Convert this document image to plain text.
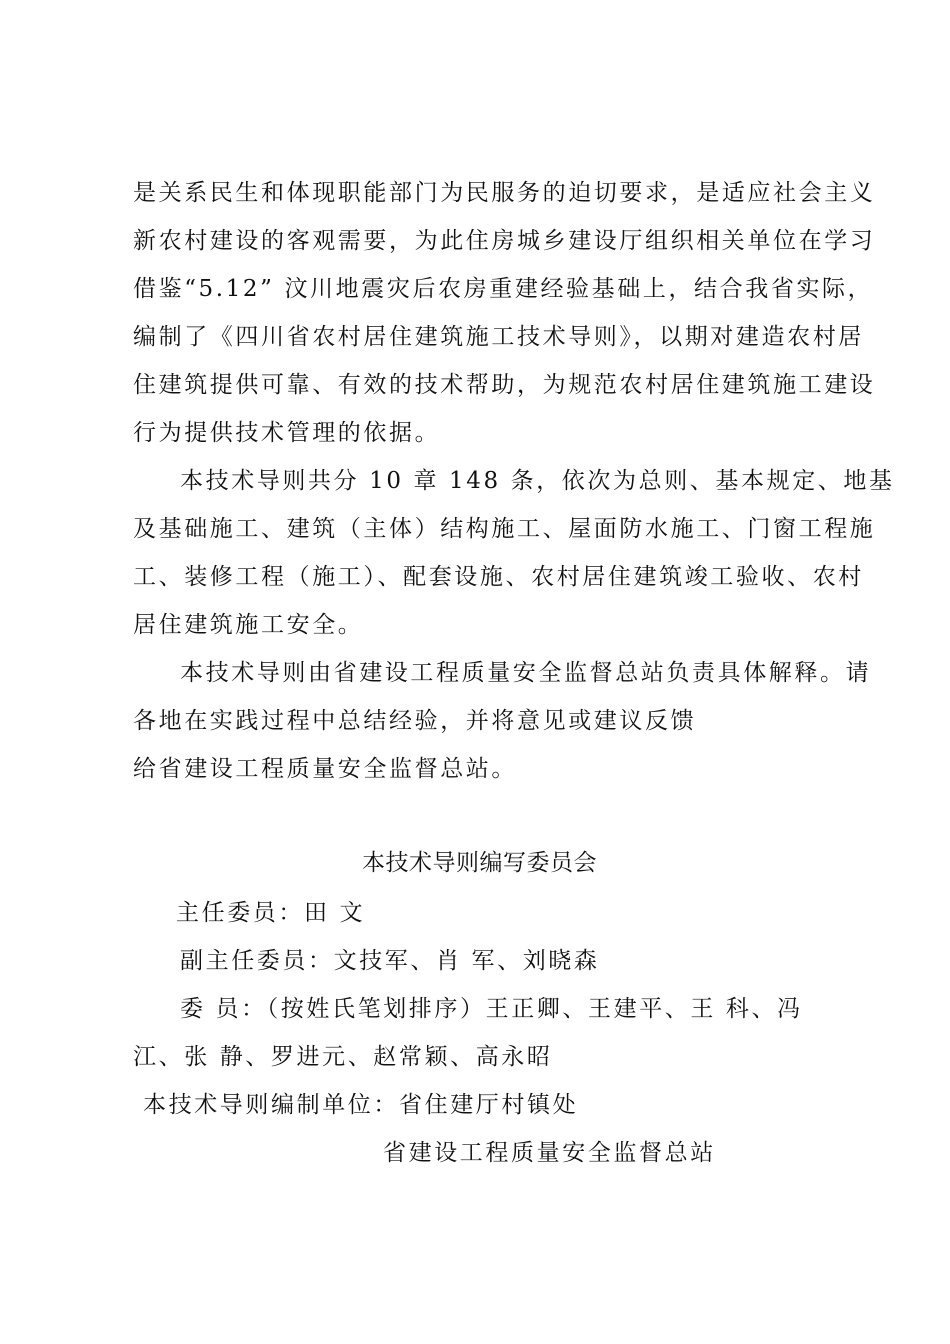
是关系民生和体现职能部门为民服务的迫切要求，是适应社会主义
新农村建设的客观需要，为此住房城乡建设厅组织相关单位在学习
借鉴“5.12” 汶川地震灾后农房重建经验基础上，结合我省实际，
编制了《四川省农村居住建筑施工技术导则》，以期对建造农村居
住建筑提供可靠、有效的技术帮助，为规范农村居住建筑施工建设
行为提供技术管理的依据。
本技术导则共分 10 章 148 条，依次为总则、基本规定、地基
及基础施工、建筑（主体）结构施工、屋面防水施工、门窗工程施
工、装修工程（施工）、配套设施、农村居住建筑竣工验收、农村
居住建筑施工安全。
本技术导则由省建设工程质量安全监督总站负责具体解释。请
各地在实践过程中总结经验，并将意见或建议反馈
给省建设工程质量安全监督总站。
本技术导则编写委员会
主任委员：田 文
副主任委员：文技军、肖 军、刘晓森
委 员：（按姓氏笔划排序）王正卿、王建平、王 科、冯
江、张 静、罗进元、赵常颖、高永昭
本技术导则编制单位：省住建厅村镇处
省建设工程质量安全监督总站
